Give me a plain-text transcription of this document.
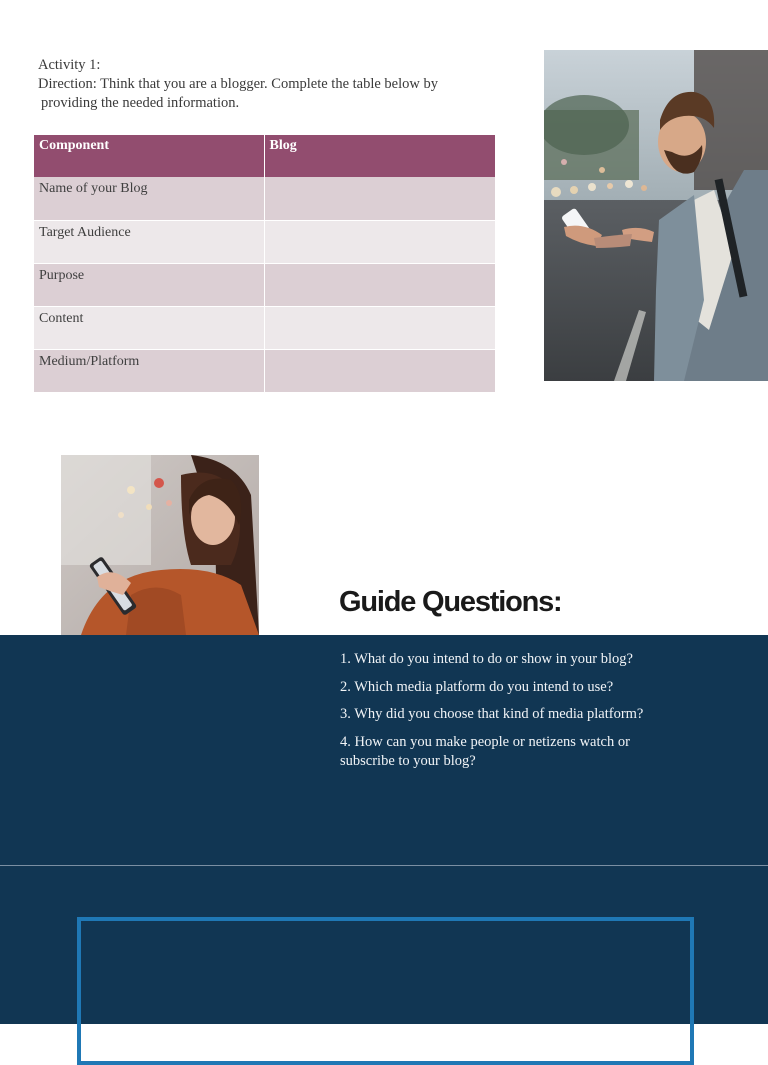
Activity 1:
Direction: Think that you are a blogger. Complete the table below by
providing the needed information.
Component	Blog
Name of your Blog	
Target Audience	
Purpose	
Content	
Medium/Platform	
Guide Questions:
1. What do you intend to do or show in your blog?
2. Which media platform do you intend to use?
3. Why did you choose that kind of media platform?
4. How can you make people or netizens watch or subscribe to your blog?
